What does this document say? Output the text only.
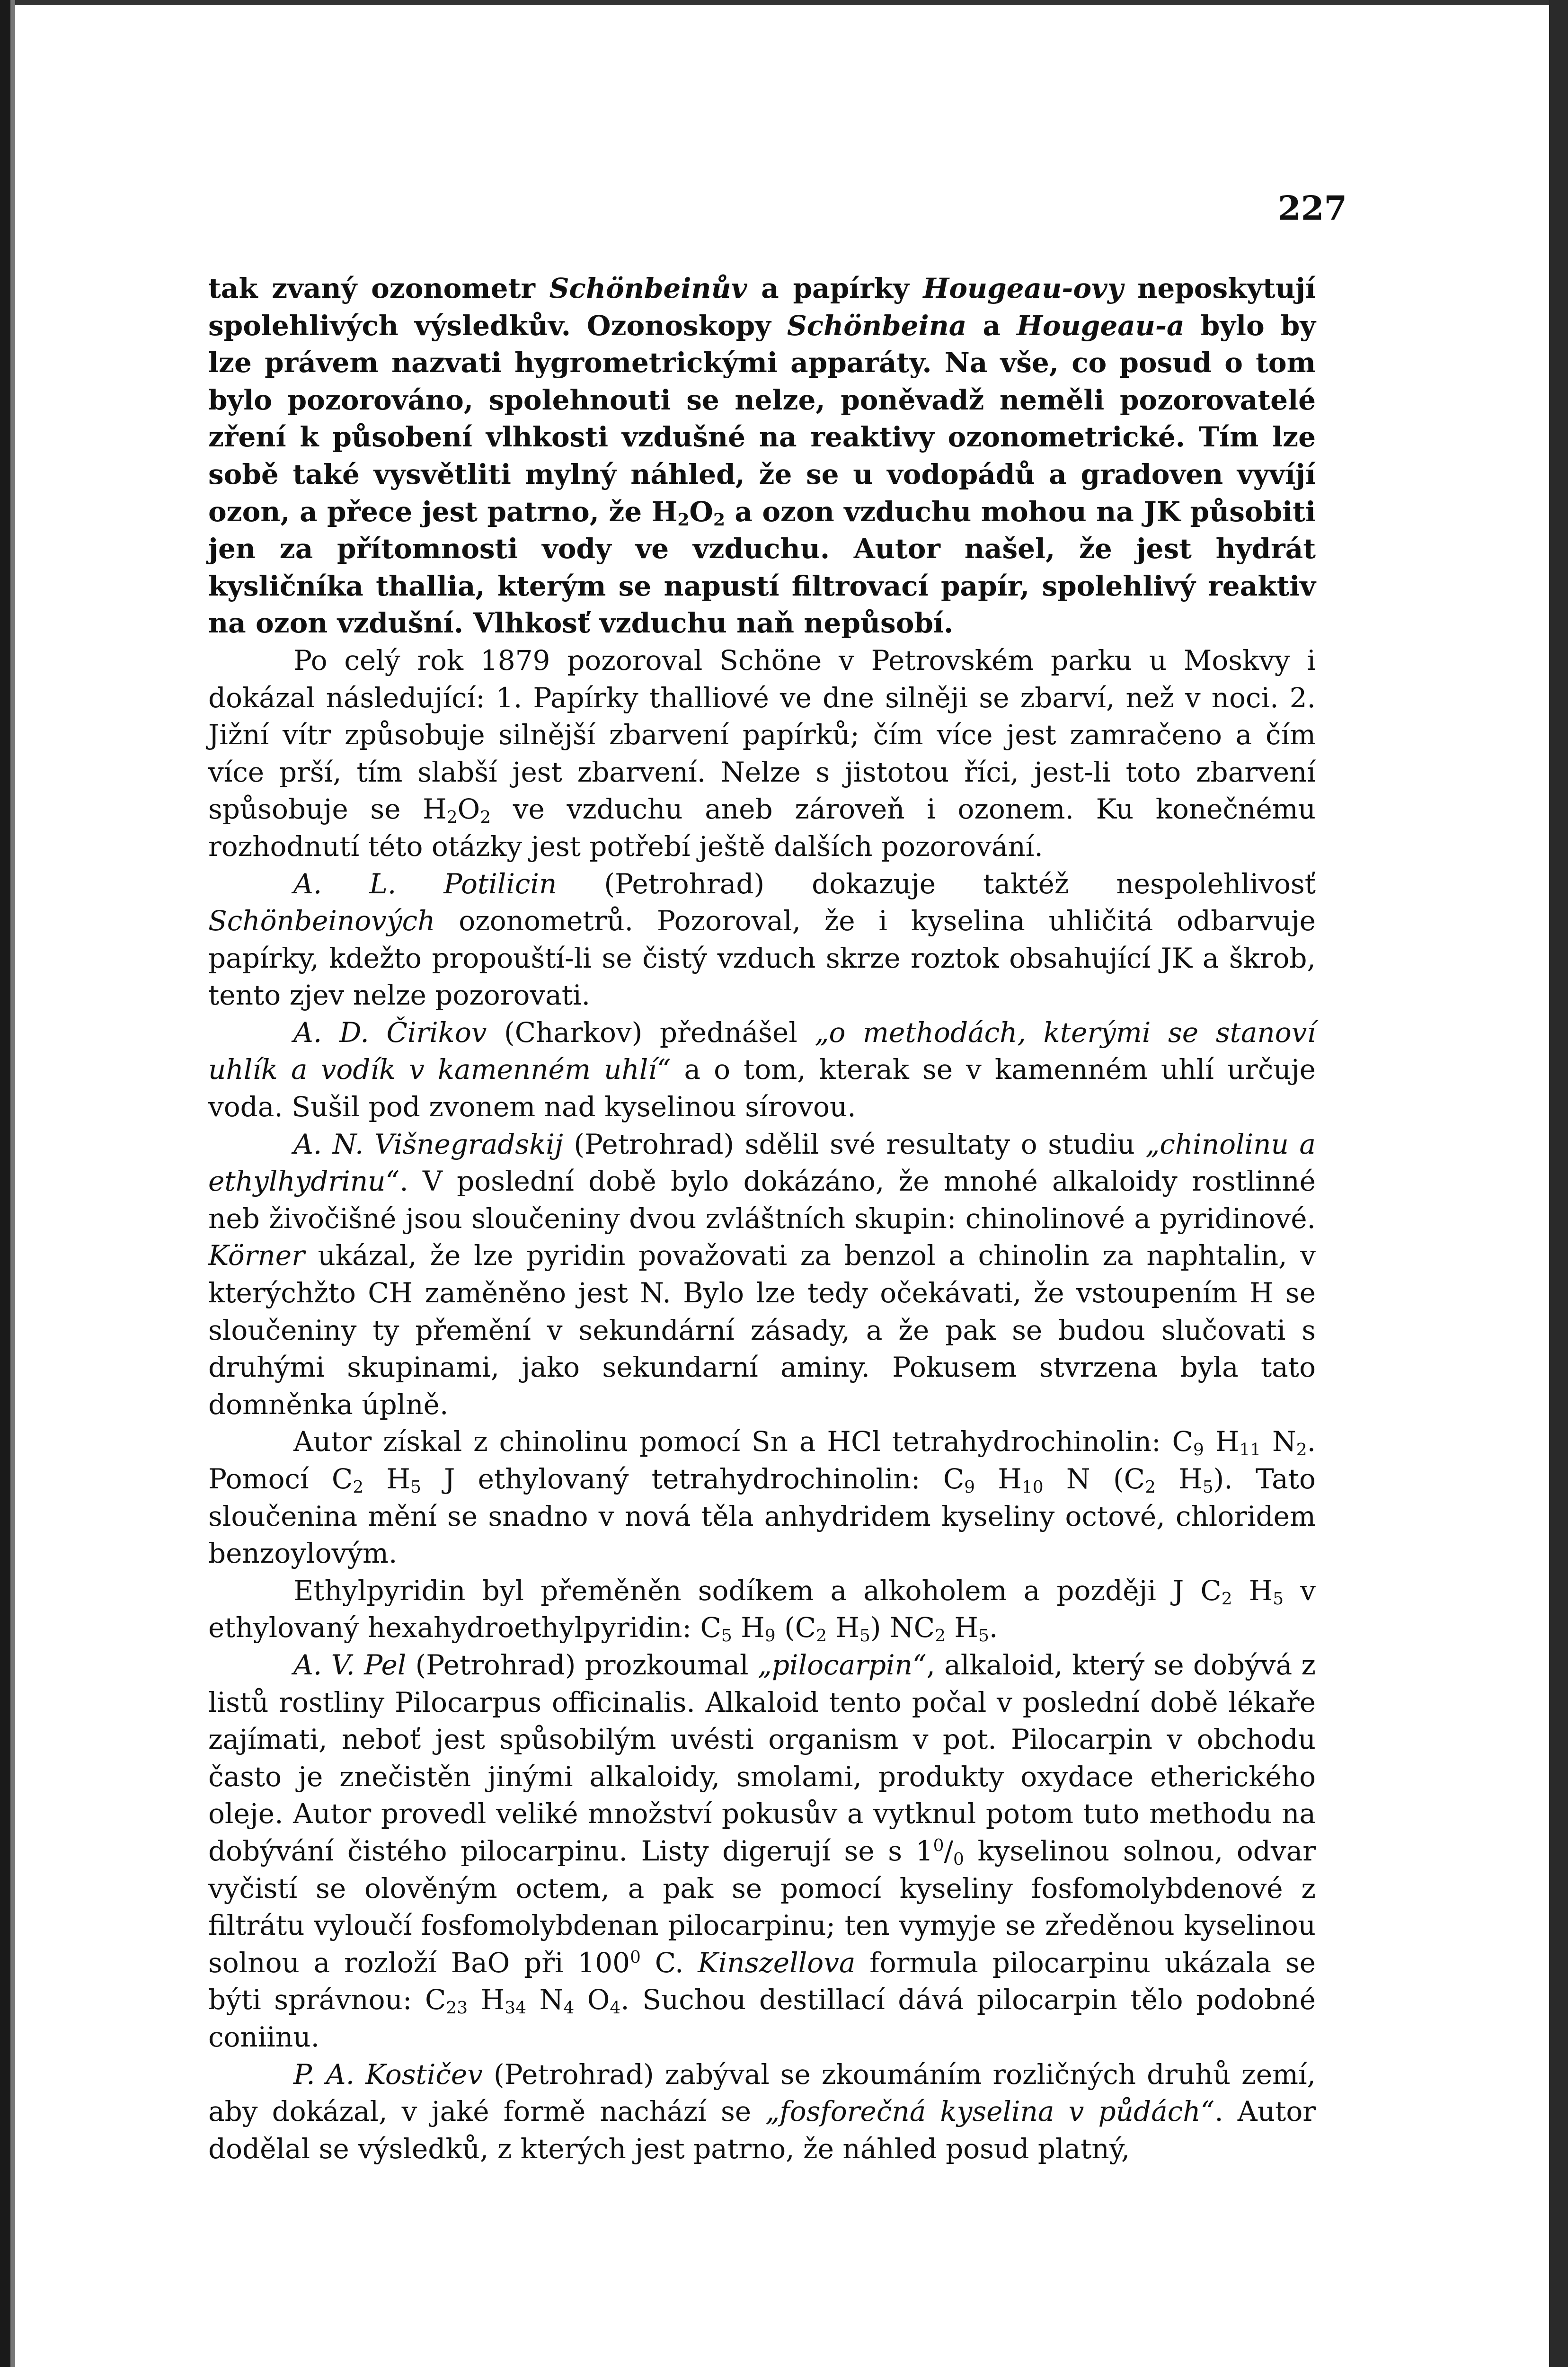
227

tak zvaný ozonometr Schönbeinův a papírky Hougeau-ovy neposkytují spolehlivých výsledkův. Ozonoskopy Schönbeina a Hougeau-a bylo by lze právem nazvati hygrometrickými apparáty. Na vše, co posud o tom bylo pozorováno, spolehnouti se nelze, poněvadž neměli pozorovatelé zření k působení vlhkosti vzdušné na reaktivy ozonometrické. Tím lze sobě také vysvětliti mylný náhled, že se u vodopádů a gradoven vyvíjí ozon, a přece jest patrno, že $H_2O_2$ a ozon vzduchu mohou na JK působiti jen za přítomnosti vody ve vzduchu. Autor našel, že jest hydrát kysličníka thallia, kterým se napustí filtrovací papír, spolehlivý reaktiv na ozon vzdušní. Vlhkosť vzduchu naň nepůsobí.

Po celý rok 1879 pozoroval Schöne v Petrovském parku u Moskvy i dokázal následující: 1. Papírky thalliové ve dne silněji se zbarví, než v noci. 2. Jižní vítr způsobuje silnější zbarvení papírků; čím více jest zamračeno a čím více prší, tím slabší jest zbarvení. Nelze s jistotou říci, jest-li toto zbarvení spůsobuje se $H_2O_2$ ve vzduchu aneb zároveň i ozonem. Ku konečnému rozhodnutí této otázky jest potřebí ještě dalších pozorování.

A. L. Potilicin (Petrohrad) dokazuje taktéž nespolehlivosť Schönbeinových ozonometrů. Pozoroval, že i kyselina uhličitá odbarvuje papírky, kdežto propouští-li se čistý vzduch skrze roztok obsahující JK a škrob, tento zjev nelze pozorovati.

A. D. Čirikov (Charkov) přednášel „o methodách, kterými se stanoví uhlík a vodík v kamenném uhlí“ a o tom, kterak se v kamenném uhlí určuje voda. Sušil pod zvonem nad kyselinou sírovou.

A. N. Višnegradskij (Petrohrad) sdělil své resultaty o studiu „chinolinu a ethylhydrinu“. V poslední době bylo dokázáno, že mnohé alkaloidy rostlinné neb živočišné jsou sloučeniny dvou zvláštních skupin: chinolinové a pyridinové. Körner ukázal, že lze pyridin považovati za benzol a chinolin za naphtalin, v kterýchžto CH zaměněno jest N. Bylo lze tedy očekávati, že vstoupením H se sloučeniny ty přemění v sekundární zásady, a že pak se budou slučovati s druhými skupinami, jako sekundarní aminy. Pokusem stvrzena byla tato domněnka úplně.

Autor získal z chinolinu pomocí Sn a HCl tetrahydrochinolin: $C_9$ $H_{11}$ $N_2$. Pomocí $C_2$ $H_5$ J ethylovaný tetrahydrochinolin: $C_9$ $H_{10}$ N ($C_2$ $H_5$). Tato sloučenina mění se snadno v nová těla anhydridem kyseliny octové, chloridem benzoylovým.

Ethylpyridin byl přeměněn sodíkem a alkoholem a později J $C_2$ $H_5$ v ethylovaný hexahydroethylpyridin: $C_5$ $H_9$ ($C_2$ $H_5$) $NC_2$ $H_5$.

A. V. Pel (Petrohrad) prozkoumal „pilocarpin“, alkaloid, který se dobývá z listů rostliny Pilocarpus officinalis. Alkaloid tento počal v poslední době lékaře zajímati, neboť jest spůsobilým uvésti organism v pot. Pilocarpin v obchodu často je znečistěn jinými alkaloidy, smolami, produkty oxydace etherického oleje. Autor provedl veliké množství pokusův a vytknul potom tuto methodu na dobývání čistého pilocarpinu. Listy digerují se s $1^0/_0$ kyselinou solnou, odvar vyčistí se olověným octem, a pak se pomocí kyseliny fosfomolybdenové z filtrátu vyloučí fosfomolybdenan pilocarpinu; ten vymyje se zředěnou kyselinou solnou a rozloží BaO při $100^0$ C. Kinszellova formula pilocarpinu ukázala se býti správnou: $C_{23}$ $H_{34}$ $N_4$ $O_4$. Suchou destillací dává pilocarpin tělo podobné coniinu.

P. A. Kostičev (Petrohrad) zabýval se zkoumáním rozličných druhů zemí, aby dokázal, v jaké formě nachází se „fosforečná kyselina v půdách“. Autor dodělal se výsledků, z kterých jest patrno, že náhled posud platný,
